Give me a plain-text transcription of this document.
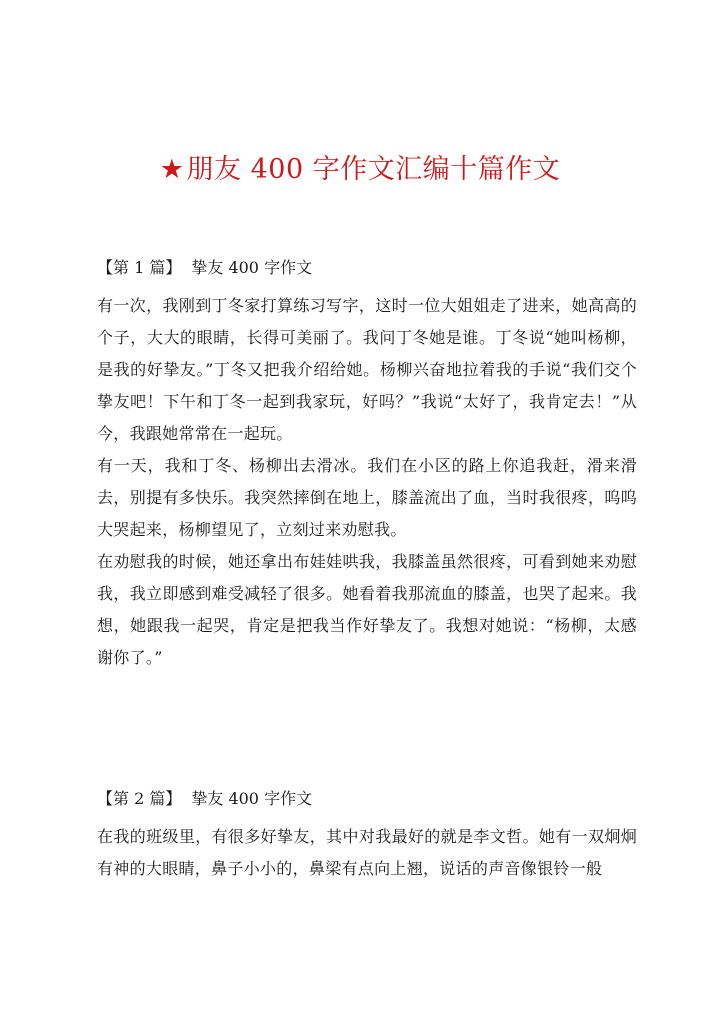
★朋友 400 字作文汇编十篇作文

【第 1 篇】 挚友 400 字作文

有一次，我刚到丁冬家打算练习写字，这时一位大姐姐走了进来，她高高的个子，大大的眼睛，长得可美丽了。我问丁冬她是谁。丁冬说“她叫杨柳，是我的好挚友。”丁冬又把我介绍给她。杨柳兴奋地拉着我的手说“我们交个挚友吧！下午和丁冬一起到我家玩，好吗？”我说“太好了，我肯定去！”从今，我跟她常常在一起玩。

有一天，我和丁冬、杨柳出去滑冰。我们在小区的路上你追我赶，滑来滑去，别提有多快乐。我突然摔倒在地上，膝盖流出了血，当时我很疼，呜呜大哭起来，杨柳望见了，立刻过来劝慰我。

在劝慰我的时候，她还拿出布娃娃哄我，我膝盖虽然很疼，可看到她来劝慰我，我立即感到难受减轻了很多。她看着我那流血的膝盖，也哭了起来。我想，她跟我一起哭，肯定是把我当作好挚友了。我想对她说：“杨柳，太感谢你了。”

【第 2 篇】 挚友 400 字作文

在我的班级里，有很多好挚友，其中对我最好的就是李文哲。她有一双炯炯有神的大眼睛，鼻子小小的，鼻梁有点向上翘，说话的声音像银铃一般
